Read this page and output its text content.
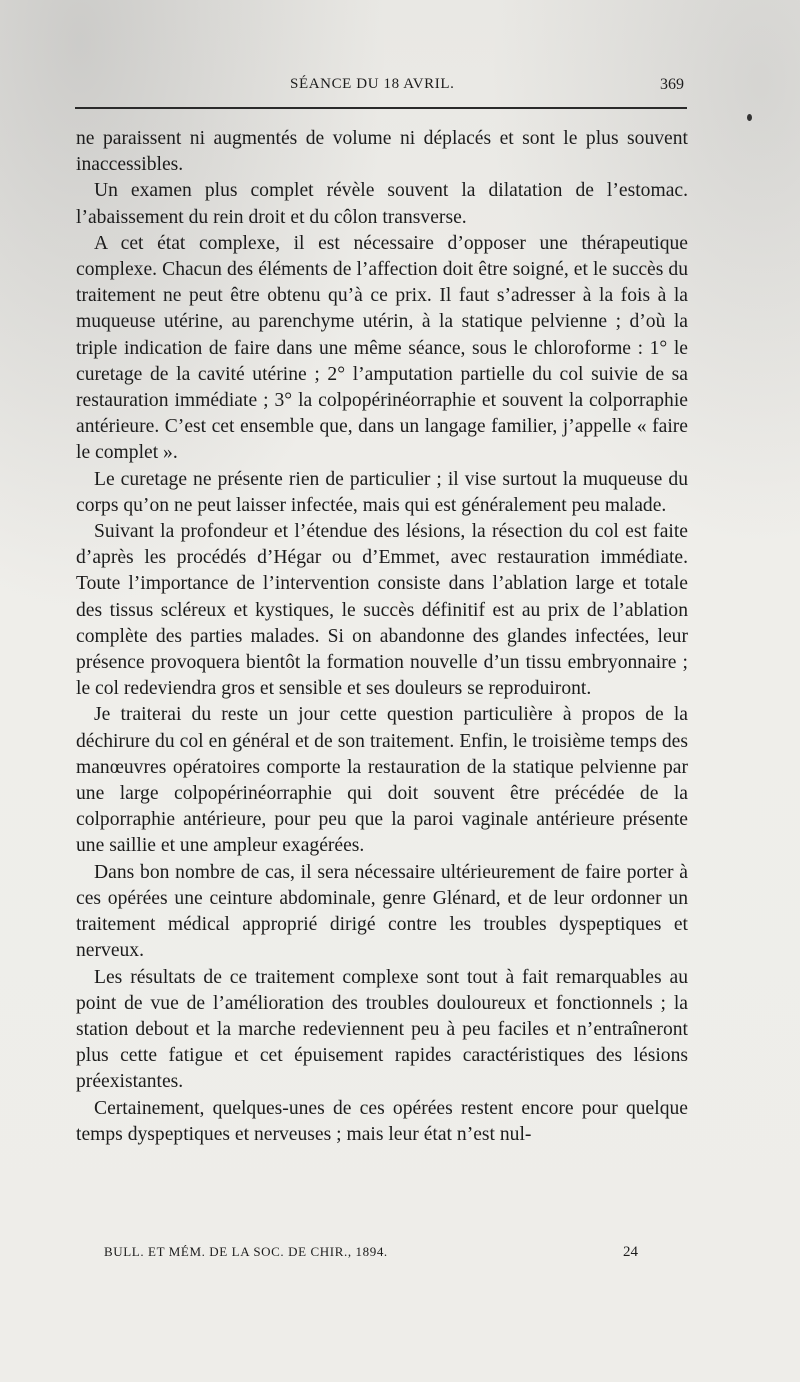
SÉANCE DU 18 AVRIL.	369

ne paraissent ni augmentés de volume ni déplacés et sont le plus souvent inaccessibles.

Un examen plus complet révèle souvent la dilatation de l’estomac. l’abaissement du rein droit et du côlon transverse.

A cet état complexe, il est nécessaire d’opposer une thérapeutique complexe. Chacun des éléments de l’affection doit être soigné, et le succès du traitement ne peut être obtenu qu’à ce prix. Il faut s’adresser à la fois à la muqueuse utérine, au parenchyme utérin, à la statique pelvienne ; d’où la triple indication de faire dans une même séance, sous le chloroforme : 1° le curetage de la cavité utérine ; 2° l’amputation partielle du col suivie de sa restauration immédiate ; 3° la colpopérinéorraphie et souvent la colporraphie antérieure. C’est cet ensemble que, dans un langage familier, j’appelle « faire le complet ».

Le curetage ne présente rien de particulier ; il vise surtout la muqueuse du corps qu’on ne peut laisser infectée, mais qui est généralement peu malade.

Suivant la profondeur et l’étendue des lésions, la résection du col est faite d’après les procédés d’Hégar ou d’Emmet, avec restauration immédiate. Toute l’importance de l’intervention consiste dans l’ablation large et totale des tissus scléreux et kystiques, le succès définitif est au prix de l’ablation complète des parties malades. Si on abandonne des glandes infectées, leur présence provoquera bientôt la formation nouvelle d’un tissu embryonnaire ; le col redeviendra gros et sensible et ses douleurs se reproduiront.

Je traiterai du reste un jour cette question particulière à propos de la déchirure du col en général et de son traitement. Enfin, le troisième temps des manœuvres opératoires comporte la restauration de la statique pelvienne par une large colpopérinéorraphie qui doit souvent être précédée de la colporraphie antérieure, pour peu que la paroi vaginale antérieure présente une saillie et une ampleur exagérées.

Dans bon nombre de cas, il sera nécessaire ultérieurement de faire porter à ces opérées une ceinture abdominale, genre Glénard, et de leur ordonner un traitement médical approprié dirigé contre les troubles dyspeptiques et nerveux.

Les résultats de ce traitement complexe sont tout à fait remarquables au point de vue de l’amélioration des troubles douloureux et fonctionnels ; la station debout et la marche redeviennent peu à peu faciles et n’entraîneront plus cette fatigue et cet épuisement rapides caractéristiques des lésions préexistantes.

Certainement, quelques-unes de ces opérées restent encore pour quelque temps dyspeptiques et nerveuses ; mais leur état n’est nul-

BULL. ET MÉM. DE LA SOC. DE CHIR., 1894.	24
